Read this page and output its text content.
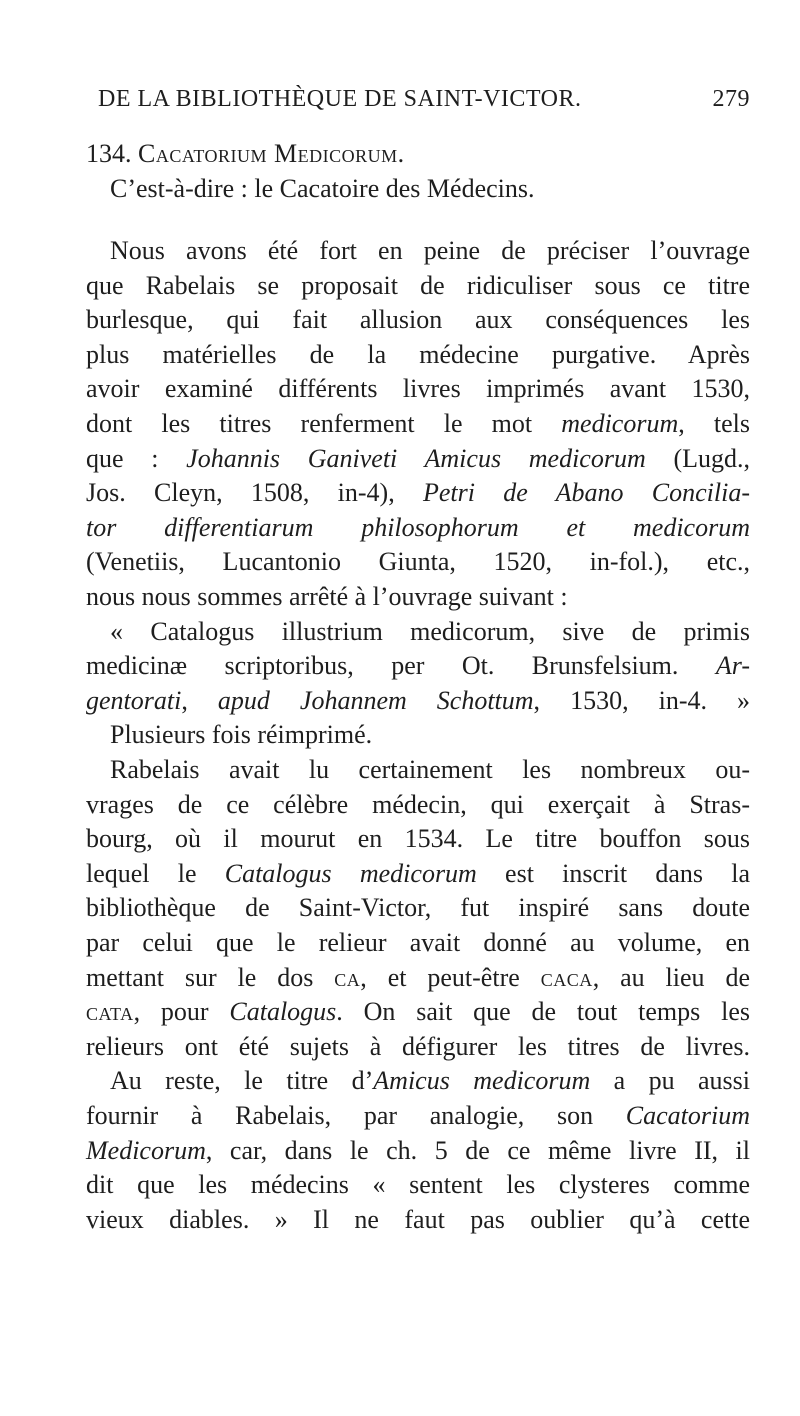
DE LA BIBLIOTHÈQUE DE SAINT-VICTOR.	279
134. Cacatorium Medicorum.
C’est-à-dire : le Cacatoire des Médecins.
Nous avons été fort en peine de préciser l’ouvrage
que Rabelais se proposait de ridiculiser sous ce titre
burlesque, qui fait allusion aux conséquences les
plus matérielles de la médecine purgative. Après
avoir examiné différents livres imprimés avant 1530,
dont les titres renferment le mot medicorum, tels
que : Johannis Ganiveti Amicus medicorum (Lugd.,
Jos. Cleyn, 1508, in-4), Petri de Abano Concilia-
tor differentiarum philosophorum et medicorum
(Venetiis, Lucantonio Giunta, 1520, in-fol.), etc.,
nous nous sommes arrêté à l’ouvrage suivant :
« Catalogus illustrium medicorum, sive de primis
medicinæ scriptoribus, per Ot. Brunsfelsium. Ar-
gentorati, apud Johannem Schottum, 1530, in-4. »
Plusieurs fois réimprimé.
Rabelais avait lu certainement les nombreux ou-
vrages de ce célèbre médecin, qui exerçait à Stras-
bourg, où il mourut en 1534. Le titre bouffon sous
lequel le Catalogus medicorum est inscrit dans la
bibliothèque de Saint-Victor, fut inspiré sans doute
par celui que le relieur avait donné au volume, en
mettant sur le dos ca, et peut-être caca, au lieu de
cata, pour Catalogus. On sait que de tout temps les
relieurs ont été sujets à défigurer les titres de livres.
Au reste, le titre d’Amicus medicorum a pu aussi
fournir à Rabelais, par analogie, son Cacatorium
Medicorum, car, dans le ch. 5 de ce même livre II, il
dit que les médecins « sentent les clysteres comme
vieux diables. » Il ne faut pas oublier qu’à cette
